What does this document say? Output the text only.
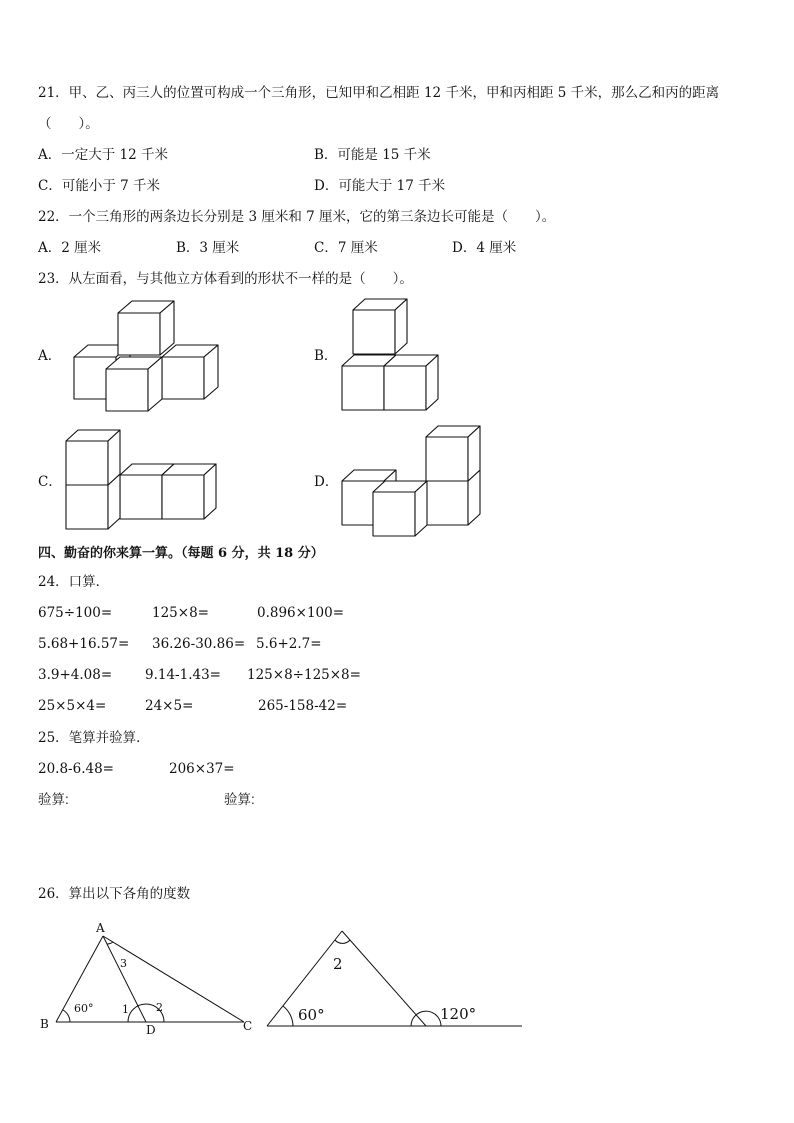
21．甲、乙、丙三人的位置可构成一个三角形，已知甲和乙相距 12 千米，甲和丙相距 5 千米，那么乙和丙的距离
（　　）。
A．一定大于 12 千米	B．可能是 15 千米
C．可能小于 7 千米	D．可能大于 17 千米
22．一个三角形的两条边长分别是 3 厘米和 7 厘米，它的第三条边长可能是（　　）。
A．2 厘米	B．3 厘米	C．7 厘米	D．4 厘米
23．从左面看，与其他立方体看到的形状不一样的是（　　）。
A．	B．
C．	D．
四、勤奋的你来算一算。（每题 6 分，共 18 分）
24．口算．
675÷100=	125×8=	0.896×100=
5.68+16.57= 36.26-30.86= 5.6+2.7=
3.9+4.08= 9.14-1.43= 125×8÷125×8=
25×5×4=	24×5=	265-158-42=
25．笔算并验算．
20.8-6.48=	206×37=
验算:	验算:
26．算出以下各角的度数
A
B	C
D
60°	1 2
3	2
60°	120°
